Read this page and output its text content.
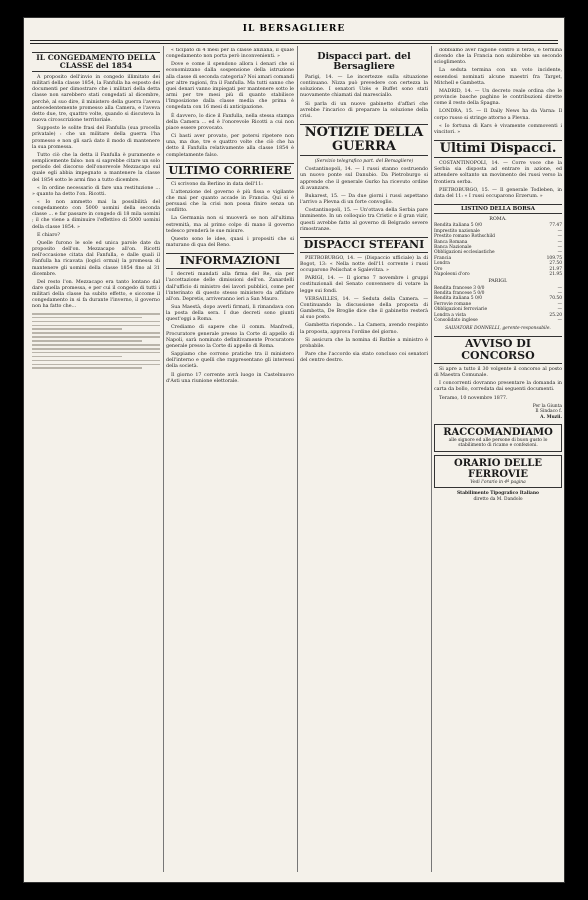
IL BERSAGLIERE
IL CONGEDAMENTO DELLA CLASSE del 1854

A proposito dell'invio in congedo illimitato dei militari della classe 1854, la Fanfulla ha esposto dei documenti per dimostrare che i militari della detta classe non sarebbero stati congedati al dicembre, perchè, al suo dire, il ministero della guerra l'aveva antecedentemente promesso alla Camera, e l'aveva detto due, tre, quattro volte, quando si discuteva la nuova circoscrizione territoriale.

Supposto le solite frasi del Fanfulla (sua procella privatale) : che un militare della guerra l'ha promesso e non gli sarà dato il modo di mantenere la sua promessa.

Tutto ciò che la detta il Fanfulla è puramente e semplicemente falso: non si saprebbe citare un solo periodo del discorso dell'onorevole Mezzacapo sul quale egli abbia impegnato a mantenere la classe del 1854 sotto le armi fino a tutto dicembre.

« In ordine necessario di fare una restituzione ... » quanto ha detto l'on. Ricotti.

« Io non ammetto mai la possibilità del congedamento con 5000 uomini della seconda classe ... e far passare in congedo di 18 mila uomini ; il che viene a diminuire l'effettivo di 5000 uomini della classe 1854. »

E chiaro?

Quelle furono le sole ed unica parole date da proposito dell'on. Mezzacapo all'on. Ricotti nell'occasione citata dal Fanfulla, e dalle quali il Fanfulla ha ricavata (logici ormai) la promessa di mantenere gli uomini della classe 1854 fino al 31 dicembre.

Del resto l'on. Mezzacapo era tanto lontano dal dare quella promessa, e per cui il congedo di tutti i militari della classe ha subito effetto, e siccome il congedamento in si fa durante l'inverno, il governo non ha fatto che...

« ticipato di 4 mesi per la classe anziana, il quale congedamento non porta però inconvenienti. »

Dove e come il spendono allora i denari che si economizzano dalla sospensione della istruzione alla classe di seconda categoria? Noi amari comandi per altre ragioni, fra il Fanfulla. Ma tutti sanno che quei denari vanno impiegati per mantenere sotto le armi per tre mesi più di quanto stabilisce l'Imposizione dalla classe media che prima è congedata con 16 mesi di anticipazione.

È davvero, lo dice il Fanfulla, nella stessa stampa della Camera ... ed è l'onorevole Ricotti a cui non piace essere provocato.

Ci basti aver provato, per potersi ripetere non una, ma due, tre e quattro volte che ciò che ha detto il Fanfulla relativamente alla classe 1854 è completamente falso.

ULTIMO CORRIERE

Ci scrivono da Berlino in data dell'11:

L'attenzione del governo è più fissa e vigilante che mai per quanto accade in Francia. Qui si è persuasi che la crisi non possa finire senza un conflitto.

La Germania non si muoverà se non all'ultima estremità, ma al primo colpo di mano il governo tedesco prenderà le sue misure.

Questo sono le idee, quasi i propositi che si maturano di qua del Reno.

INFORMAZIONI

I decreti mandati alla firma del Re, sia per l'accettazione delle dimissioni dell'on. Zanardelli dall'ufficio di ministro dei lavori pubblici, come per l'interinato di questo stesso ministero da affidare all'on. Depretis, arriveranno ieri a San Mauro.

Sua Maestà, dopo averli firmati, li rimandava con la posta della sera. I due decreti sono giunti quest'oggi a Roma.

Crediamo di sapere che il comm. Manfredi, Procuratore generale presso la Corte di appello di Napoli, sarà nominato definitivamente Procuratore generale presso la Corte di appello di Roma.

Sappiamo che corrono pratiche tra il ministero dell'interno e quelli che rappresentano gli interessi della società.

Il giorno 17 corrente avrà luogo in Castelnuovo d'Asti una riunione elettorale.

Dispacci part. del Bersagliere

Parigi, 14. — Le incertezze sulla situazione continuano. Nizza può prevedere con certezza la soluzione. I senatori Uzès e Buffet sono stati nuovamente chiamati dal maresciallo.

Si parla di un nuovo gabinetto d'affari che avrebbe l'incarico di preparare la soluzione della crisi.

NOTIZIE DELLA GUERRA
(Servizio telegrafico part. del Bersagliere)

Costantinopoli, 14. — I russi stanno costruendo un nuovo ponte sul Danubio. Da Pietroburgo si apprende che il generale Gurko ha ricevuto ordine di avanzare.

Bukarest, 15. — Da due giorni i russi aspettano l'arrivo a Plevna di un forte convoglio.

Costantinopoli, 15. — Un'ottava della Serbia pare imminente. In un colloquio tra Cristic e il gran vizir, questi avrebbe fatto al governo di Belgrado severe rimostranze.

DISPACCI STEFANI

PIETROBURGO, 14. — (Dispaccio ufficiale) la di Bogot, 13: « Nella notte dell'11 corrente i russi occuparono Pelischat e Sgalevitza. »

PARIGI, 14. — Il giorno 7 novembre i gruppi costituzionali del Senato convennero di votare la legge sui fondi.

VERSAILLES, 14. — Seduta della Camera. — Continuando la discussione della proposta di Gambetta, De Broglie dice che il gabinetto resterà al suo posto.

Gambetta risponde... La Camera, avendo respinto la proposta, approva l'ordine del giorno.

Si assicura che la nomina di Batbie a ministro è probabile.

Pare che l'accordo sia stato concluso coi senatori del centro destro.

dobbiamo aver ragione contro il terzo, e termina dicendo che la Francia non subirebbe un secondo scioglimento.

La seduta termina con un voto incidente, essendosi nominati alcune maestri fra Target, Mitchell e Gambetta.

MADRID, 14. — Un decreto reale ordina che le provincie basche paghino le contribuzioni dirette come il resto della Spagna.

LONDRA, 15. — Il Daily News ha da Varna: Il corpo russo si stringe attorno a Plevna.

« Io fortuna di Kars è vivamente commoventi i vincitori. »

Ultimi Dispacci.

COSTANTINOPOLI, 14. — Corre voce che la Serbia sia disposta ad entrare in azione, ed attendere soltanto un movimento dei russi verso la frontiera serba.

PIETROBURGO, 15. — Il generale Todleben, in data del 11: « I russi occuparono Erzerum. »

LISTINO DELLA BORSA
ROMA.
Rendita italiana 5 0/0	77.47
Imprestito nazionale	—
Prestito romano Rothschild	—
Banca Romana	—
Banca Nazionale	—
Obbligazioni ecclesiastiche	—
Francia	109.75
Londra	27.50
Oro	21.97
Napoleoni d'oro	21.95
PARIGI.
Rendita francese 3 0/0	—
Rendita francese 5 0/0	—
Rendita italiana 5 0/0	70.50
Ferrovie romane	—
Obbligazioni ferroviarie	—
Londra a vista	25.20
Consolidato inglese	—
SALVATORE DONNELLI, gerente-responsabile.
AVVISO DI CONCORSO

Si apre a tutto il 30 volgente il concorso al posto di Maestra Comunale.

I concorrenti dovranno presentare la domanda in carta da bollo, corredata dai seguenti documenti.

Teramo, 10 novembre 1877.

Per la Giunta
Il Sindaco f.
A. Muzii.
RACCOMANDIAMO
alle signore ed alle persone di buon gusto lo stabilimento di ricamo e confezioni.
ORARIO DELLE FERROVIE
Vedi l'orario in 4ª pagina
Stabilimento Tipografico Italiano
diretto da M. Dandolo
